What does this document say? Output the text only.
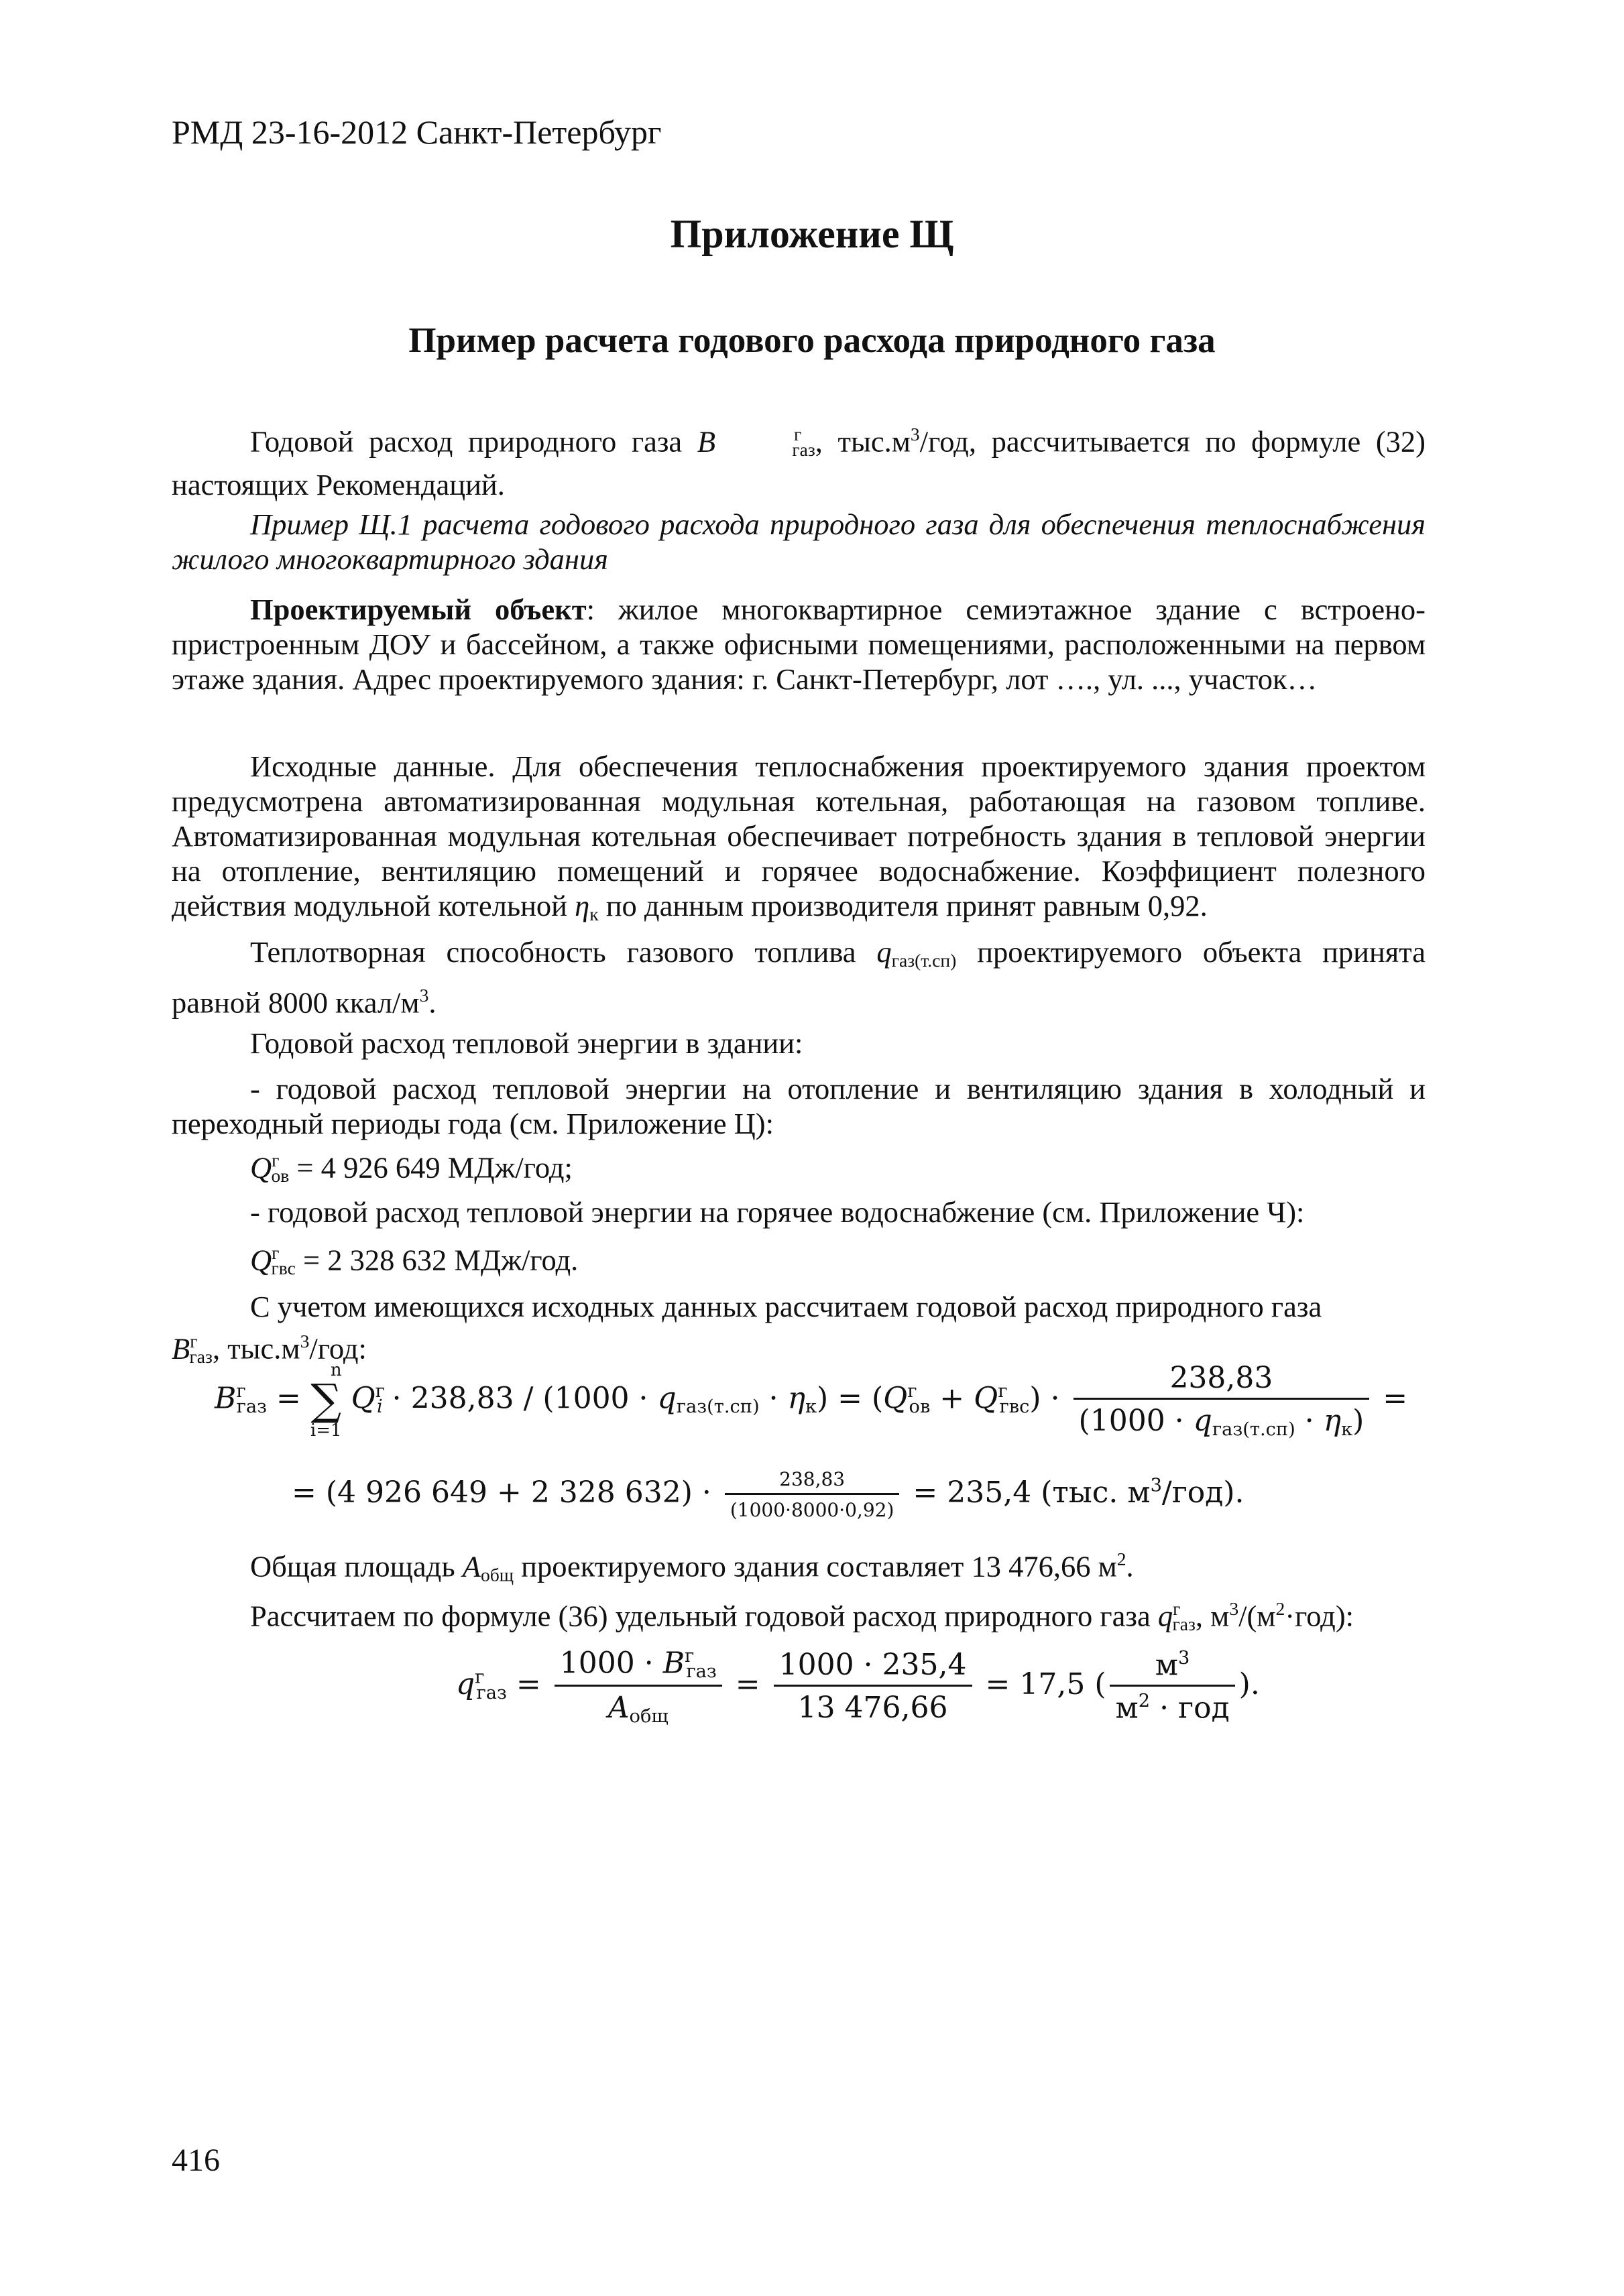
РМД 23-16-2012 Санкт-Петербург
Приложение Щ
Пример расчета годового расхода природного газа
Годовой расход природного газа B	$^г_{газ}$, $тыс.м^3$/год, рассчитывается по формуле (32) настоящих Рекомендаций.
Пример Щ.1 расчета годового расхода природного газа для обеспечения теплоснабжения жилого многоквартирного здания
Проектируемый объект: жилое многоквартирное семиэтажное здание с встроено-пристроенным ДОУ и бассейном, а также офисными помещениями, расположенными на первом этаже здания. Адрес проектируемого здания: г. Санкт-Петербург, лот …., ул. ..., участок…
Исходные данные. Для обеспечения теплоснабжения проектируемого здания проектом предусмотрена автоматизированная модульная котельная, работающая на газовом топливе. Автоматизированная модульная котельная обеспечивает потребность здания в тепловой энергии на отопление, вентиляцию помещений и горячее водоснабжение. Коэффициент полезного действия модульной котельной $\eta_к$ по данным производителя принят равным 0,92.
Теплотворная способность газового топлива $q_{газ(т.сп)}$ проектируемого объекта принята равной 8000 ккал/$м^3$.
Годовой расход тепловой энергии в здании:
- годовой расход тепловой энергии на отопление и вентиляцию здания в холодный и переходный периоды года (см. Приложение Ц):
$Q^г_{ов} = 4$ 926 649 МДж/год;
- годовой расход тепловой энергии на горячее водоснабжение (см. Приложение Ч):
$Q^г_{гвс} = 2$ 328 632 МДж/год.
С учетом имеющихся исходных данных рассчитаем годовой расход природного газа
$B^г_{газ}$, $тыс.м^3$/год:
$B^г_{газ}$ =
n
∑
i=1
$Q^г_i \cdot 238,83 / (1000 \cdot q_{газ(т.сп)} \cdot \eta_к) = (Q^г_{ов} + Q^г_{гвс}) \cdot \frac{238,83}{(1000 \cdot q_{газ(т.сп)} \cdot \eta_к)}$ =
= (4 926 649 + 2 328 $632) \cdot \frac{238,83}{(1000\cdot 8000\cdot 0,92)} = 235,4$ (тыс. $м^3/год$).
Общая площадь $A_{общ}$ проектируемого здания составляет 13 476,66 $м^2$.
Рассчитаем по формуле (36) удельный годовой расход природного газа $q^г_{газ}$, $м^3/(м^2\cdot год)$:
$q^г_{газ} = \frac{1000 \cdot B^г_{газ}}{A_{общ}} = \frac{1000 \cdot 235,4}{13 476,66} = 17,5$ ( $\frac{м^3}{м^2 \cdot год}$ ).
416
